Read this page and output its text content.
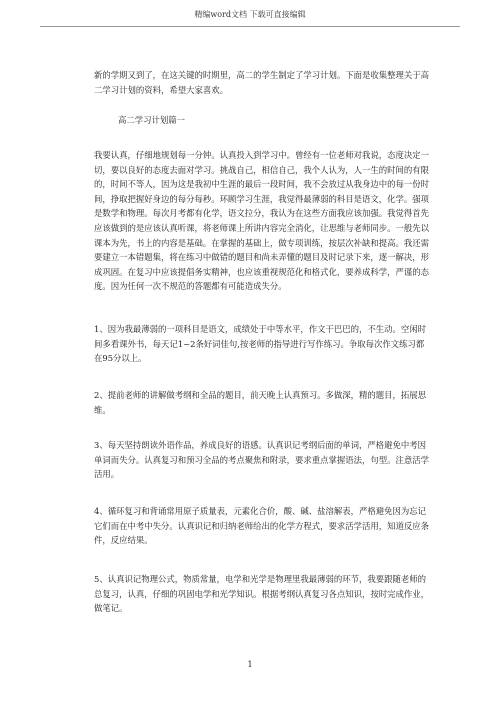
精编word文档 下载可直接编辑

新的学期又到了，在这关键的时期里，高二的学生制定了学习计划。下面是收集整理关于高二学习计划的资料，希望大家喜欢。

高二学习计划篇一

我要认真，仔细地规划每一分钟。认真投入到学习中。曾经有一位老师对我说，态度决定一切，要以良好的态度去面对学习。挑战自己，相信自己，我个人认为，人一生的时间的有限的，时间不等人，因为这是我初中生涯的最后一段时间，我不会放过从我身边中的每一份时间，挣取把握好身边的每分每秒。环顾学习生涯，我觉得最薄弱的科目是语文，化学。强项是数学和物理。每次月考都有化学，语文拉分，我认为在这些方面我应该加强。我觉得首先应该做到的是应该认真听课，将老师课上所讲内容完全消化，让思维与老师同步。一般先以课本为先，书上的内容是基础。在掌握的基础上，做专项训练，按层次补缺和提高。我还需要建立一本错题集，将在练习中做错的题目和尚未弄懂的题目及时记录下来，逐一解决，形成巩固。在复习中应该提倡务实精神，也应该重视规范化和格式化，要养成科学，严谨的态度。因为任何一次不规范的答题都有可能造成失分。

1、因为我最薄弱的一项科目是语文，成绩处于中等水平，作文干巴巴的，不生动。空闲时间多看课外书，每天记1~2条好词佳句,按老师的指导进行写作练习。争取每次作文练习都在95分以上。

2、提前老师的讲解做考纲和全品的题目，前天晚上认真预习。多做深，精的题目，拓展思维。

3、每天坚持朗读外语作品，养成良好的语感。认真识记考纲后面的单词，严格避免中考因单词而失分。认真复习和预习全品的考点聚焦和附录，要求重点掌握语法，句型。注意活学活用。

4、循环复习和背诵常用原子质量表，元素化合价，酸、碱、盐溶解表，严格避免因为忘记它们而在中考中失分。认真识记和归纳老师给出的化学方程式，要求活学活用，知道反应条件，反应结果。

5、认真识记物理公式，物质常量，电学和光学是物理里我最薄弱的环节，我要跟随老师的总复习，认真，仔细的巩固电学和光学知识。根据考纲认真复习各点知识，按时完成作业，做笔记。

1
